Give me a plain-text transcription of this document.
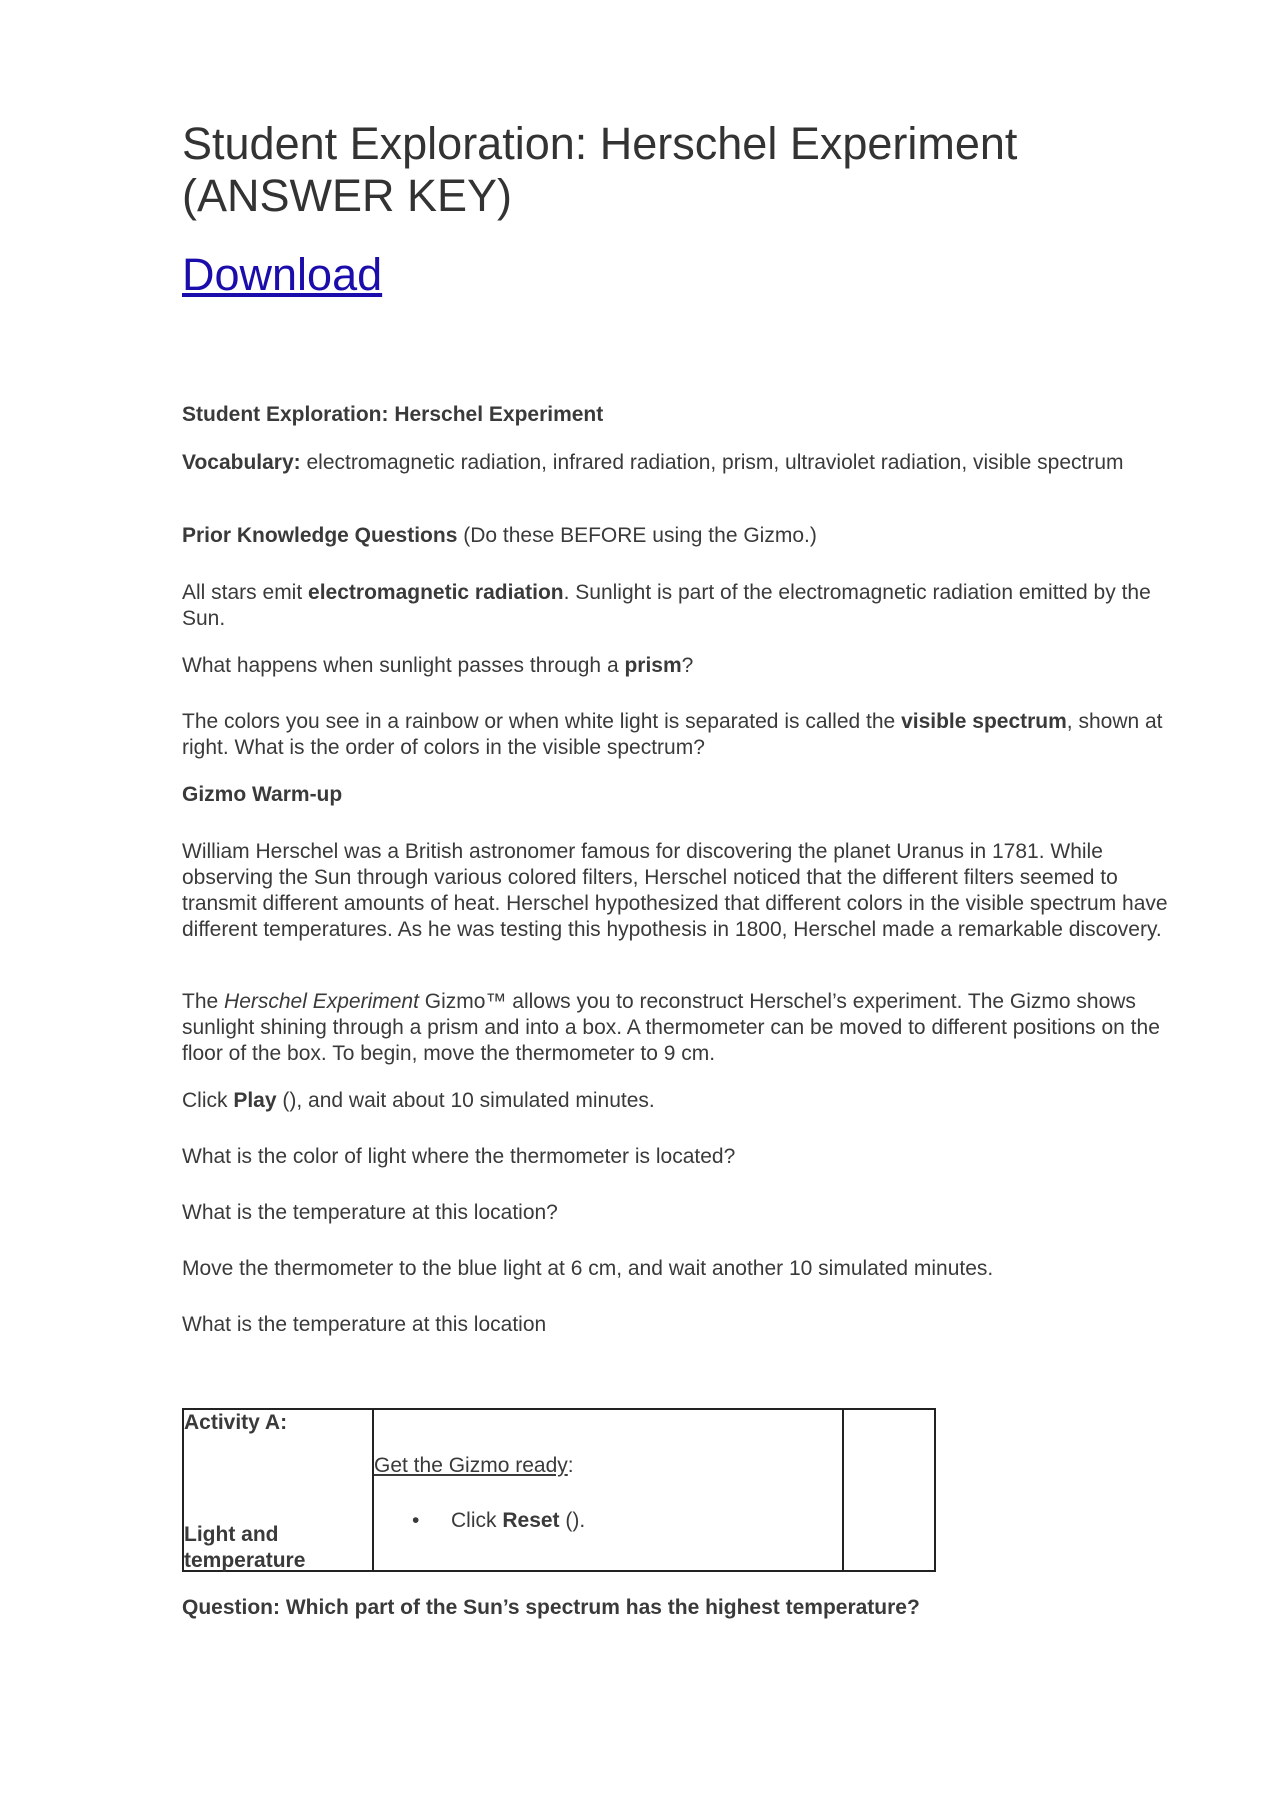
Student Exploration: Herschel Experiment
(ANSWER KEY)
Download

Student Exploration: Herschel Experiment

Vocabulary: electromagnetic radiation, infrared radiation, prism, ultraviolet radiation, visible spectrum

Prior Knowledge Questions (Do these BEFORE using the Gizmo.)

All stars emit electromagnetic radiation. Sunlight is part of the electromagnetic radiation emitted by the Sun.

What happens when sunlight passes through a prism?

The colors you see in a rainbow or when white light is separated is called the visible spectrum, shown at right. What is the order of colors in the visible spectrum?

Gizmo Warm-up

William Herschel was a British astronomer famous for discovering the planet Uranus in 1781. While observing the Sun through various colored filters, Herschel noticed that the different filters seemed to transmit different amounts of heat. Herschel hypothesized that different colors in the visible spectrum have different temperatures. As he was testing this hypothesis in 1800, Herschel made a remarkable discovery.

The Herschel Experiment Gizmo™ allows you to reconstruct Herschel’s experiment. The Gizmo shows sunlight shining through a prism and into a box. A thermometer can be moved to different positions on the floor of the box. To begin, move the thermometer to 9 cm.

Click Play (), and wait about 10 simulated minutes.

What is the color of light where the thermometer is located?

What is the temperature at this location?

Move the thermometer to the blue light at 6 cm, and wait another 10 simulated minutes.

What is the temperature at this location

Activity A:
Light and temperature
Get the Gizmo ready:
• Click Reset ().

Question: Which part of the Sun’s spectrum has the highest temperature?
